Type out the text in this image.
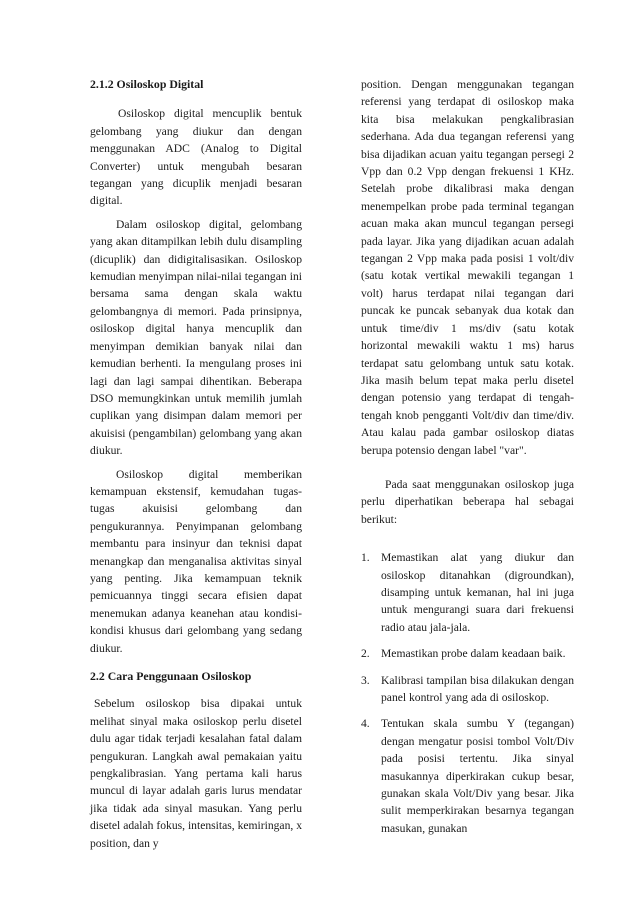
2.1.2 Osiloskop Digital

Osiloskop digital mencuplik bentuk gelombang yang diukur dan dengan menggunakan ADC (Analog to Digital Converter) untuk mengubah besaran tegangan yang dicuplik menjadi besaran digital.

Dalam osiloskop digital, gelombang yang akan ditampilkan lebih dulu disampling (dicuplik) dan didigitalisasikan. Osiloskop kemudian menyimpan nilai-nilai tegangan ini bersama sama dengan skala waktu gelombangnya di memori. Pada prinsipnya, osiloskop digital hanya mencuplik dan menyimpan demikian banyak nilai dan kemudian berhenti. Ia mengulang proses ini lagi dan lagi sampai dihentikan. Beberapa DSO memungkinkan untuk memilih jumlah cuplikan yang disimpan dalam memori per akuisisi (pengambilan) gelombang yang akan diukur.

Osiloskop digital memberikan kemampuan ekstensif, kemudahan tugas-tugas akuisisi gelombang dan pengukurannya. Penyimpanan gelombang membantu para insinyur dan teknisi dapat menangkap dan menganalisa aktivitas sinyal yang penting. Jika kemampuan teknik pemicuannya tinggi secara efisien dapat menemukan adanya keanehan atau kondisi-kondisi khusus dari gelombang yang sedang diukur.

2.2 Cara Penggunaan Osiloskop

Sebelum osiloskop bisa dipakai untuk melihat sinyal maka osiloskop perlu disetel dulu agar tidak terjadi kesalahan fatal dalam pengukuran. Langkah awal pemakaian yaitu pengkalibrasian. Yang pertama kali harus muncul di layar adalah garis lurus mendatar jika tidak ada sinyal masukan. Yang perlu disetel adalah fokus, intensitas, kemiringan, x position, dan y

position. Dengan menggunakan tegangan referensi yang terdapat di osiloskop maka kita bisa melakukan pengkalibrasian sederhana. Ada dua tegangan referensi yang bisa dijadikan acuan yaitu tegangan persegi 2 Vpp dan 0.2 Vpp dengan frekuensi 1 KHz. Setelah probe dikalibrasi maka dengan menempelkan probe pada terminal tegangan acuan maka akan muncul tegangan persegi pada layar. Jika yang dijadikan acuan adalah tegangan 2 Vpp maka pada posisi 1 volt/div (satu kotak vertikal mewakili tegangan 1 volt) harus terdapat nilai tegangan dari puncak ke puncak sebanyak dua kotak dan untuk time/div 1 ms/div (satu kotak horizontal mewakili waktu 1 ms) harus terdapat satu gelombang untuk satu kotak. Jika masih belum tepat maka perlu disetel dengan potensio yang terdapat di tengah-tengah knob pengganti Volt/div dan time/div. Atau kalau pada gambar osiloskop diatas berupa potensio dengan label "var".

Pada saat menggunakan osiloskop juga perlu diperhatikan beberapa hal sebagai berikut:

1. Memastikan alat yang diukur dan osiloskop ditanahkan (digroundkan), disamping untuk kemanan, hal ini juga untuk mengurangi suara dari frekuensi radio atau jala-jala.
2. Memastikan probe dalam keadaan baik.
3. Kalibrasi tampilan bisa dilakukan dengan panel kontrol yang ada di osiloskop.
4. Tentukan skala sumbu Y (tegangan) dengan mengatur posisi tombol Volt/Div pada posisi tertentu. Jika sinyal masukannya diperkirakan cukup besar, gunakan skala Volt/Div yang besar. Jika sulit memperkirakan besarnya tegangan masukan, gunakan
